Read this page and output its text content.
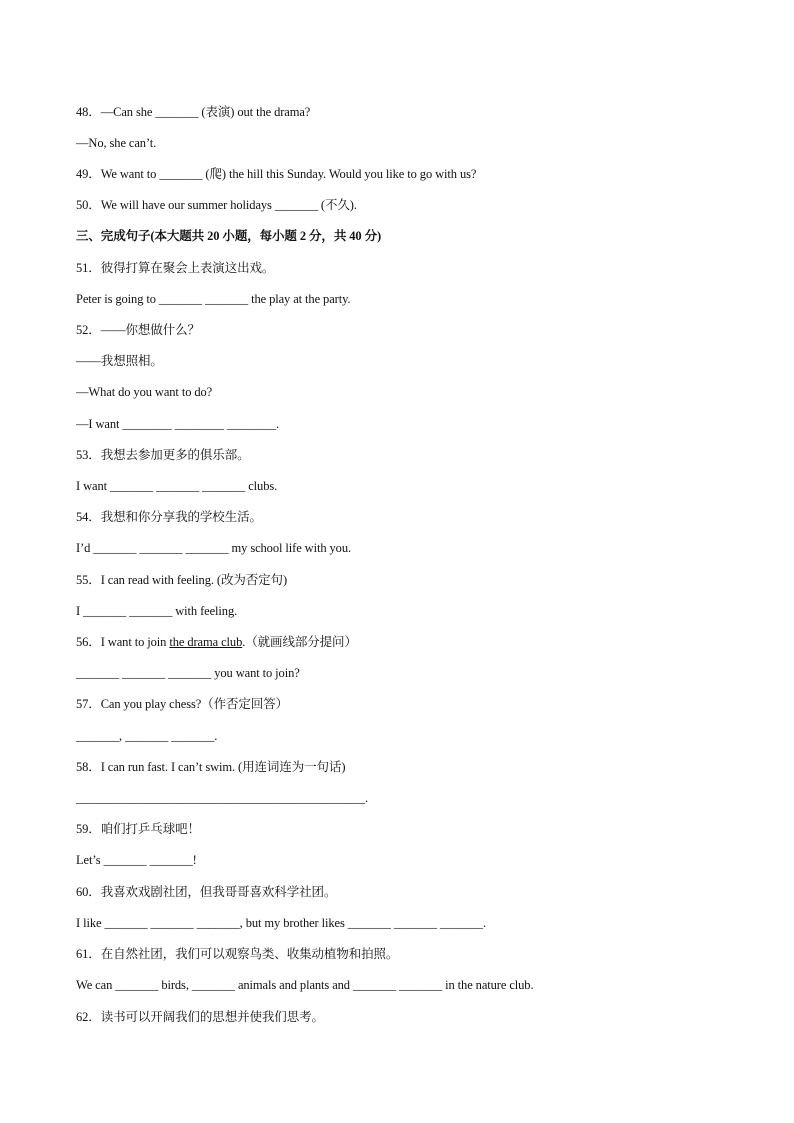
48．—Can she _______ (表演) out the drama?
—No, she can’t.
49．We want to _______ (爬) the hill this Sunday. Would you like to go with us?
50．We will have our summer holidays _______ (不久).
三、完成句子(本大题共 20 小题，每小题 2 分，共 40 分)
51．彼得打算在聚会上表演这出戏。
Peter is going to _______ _______ the play at the party.
52．——你想做什么？
——我想照相。
—What do you want to do?
—I want ________ ________ ________.
53．我想去参加更多的俱乐部。
I want _______ _______ _______ clubs.
54．我想和你分享我的学校生活。
I’d _______ _______ _______ my school life with you.
55．I can read with feeling. (改为否定句)
I _______ _______ with feeling.
56．I want to join the drama club.（就画线部分提问）
_______ _______ _______ you want to join?
57．Can you play chess?（作否定回答）
_______, _______ _______.
58．I can run fast. I can’t swim. (用连词连为一句话)
_______________________________________________.
59．咱们打乒乓球吧！
Let’s _______ _______!
60．我喜欢戏剧社团，但我哥哥喜欢科学社团。
I like _______ _______ _______, but my brother likes _______ _______ _______.
61．在自然社团，我们可以观察鸟类、收集动植物和拍照。
We can _______ birds, _______ animals and plants and _______ _______ in the nature club.
62．读书可以开阔我们的思想并使我们思考。
